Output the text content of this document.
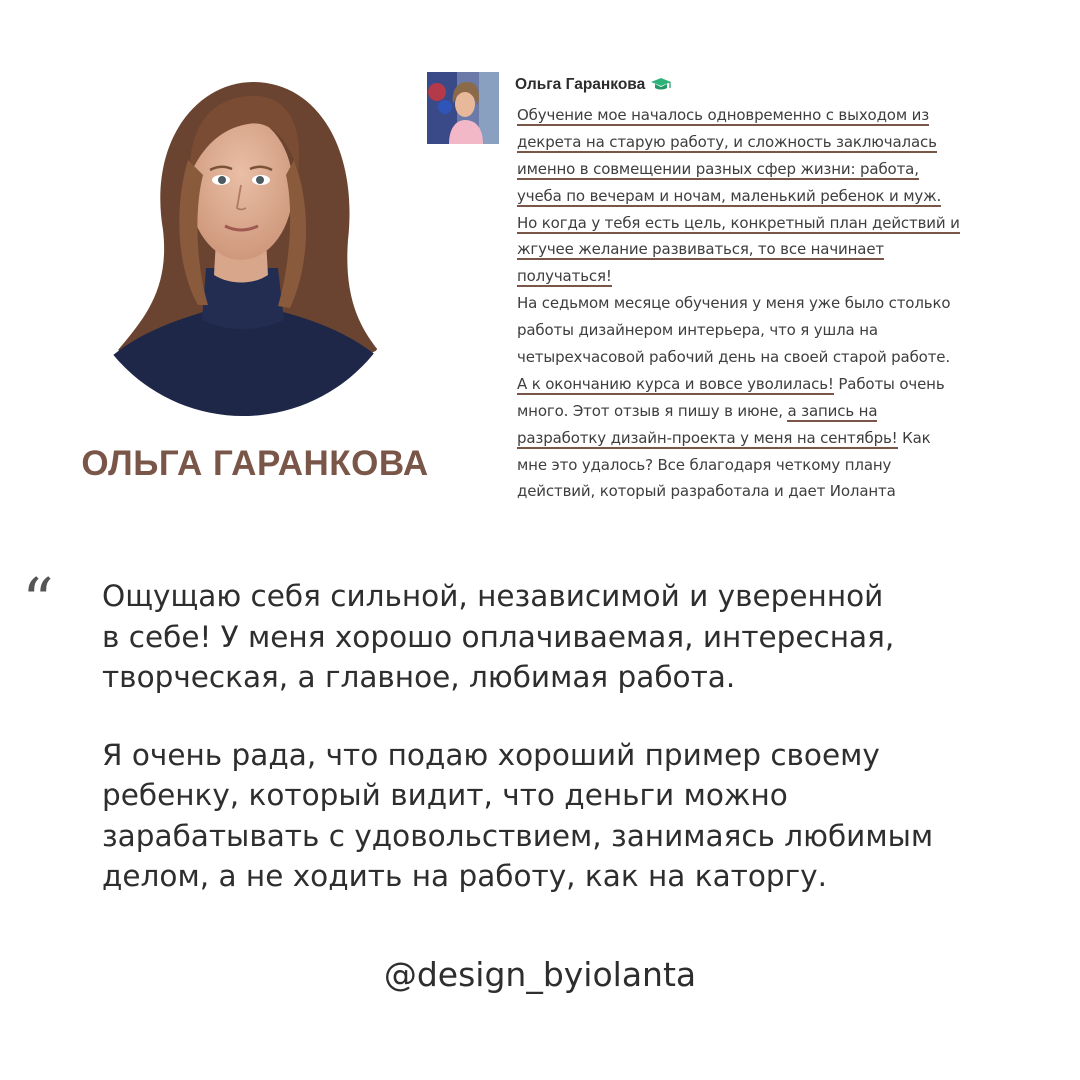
ОЛЬГА ГАРАНКОВА
Ольга Гаранкова
Обучение мое началось одновременно с выходом из
декрета на старую работу, и сложность заключалась
именно в совмещении разных сфер жизни: работа,
учеба по вечерам и ночам, маленький ребенок и муж.
Но когда у тебя есть цель, конкретный план действий и
жгучее желание развиваться, то все начинает
получаться!
На седьмом месяце обучения у меня уже было столько
работы дизайнером интерьера, что я ушла на
четырехчасовой рабочий день на своей старой работе.
А к окончанию курса и вовсе уволилась! Работы очень
много. Этот отзыв я пишу в июне, а запись на
разработку дизайн-проекта у меня на сентябрь! Как
мне это удалось? Все благодаря четкому плану
действий, который разработала и дает Иоланта
“ Ощущаю себя сильной, независимой и уверенной
в себе! У меня хорошо оплачиваемая, интересная,
творческая, а главное, любимая работа.
Я очень рада, что подаю хороший пример своему
ребенку, который видит, что деньги можно
зарабатывать с удовольствием, занимаясь любимым
делом, а не ходить на работу, как на каторгу.
@design_byiolanta
